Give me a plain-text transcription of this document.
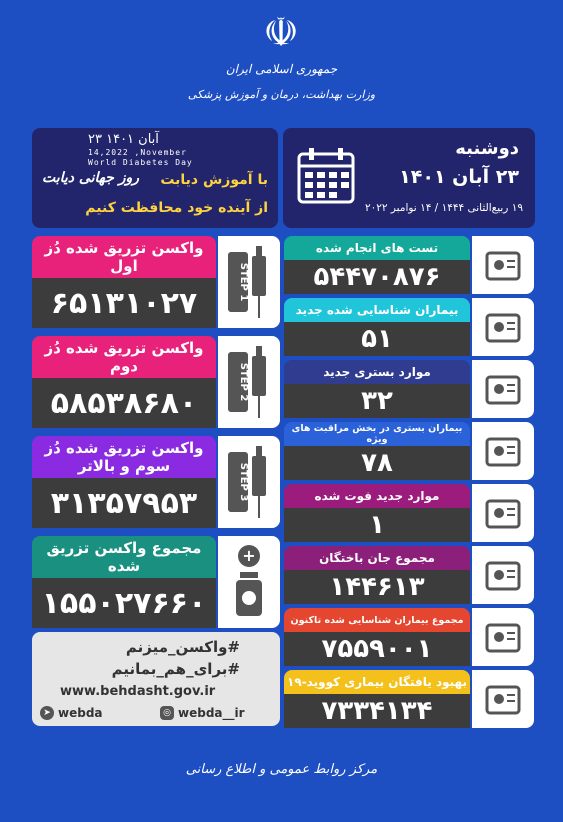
☫
جمهوری اسلامی ایران
وزارت بهداشت، درمان و آموزش پزشکی
دوشنبه
۲۳ آبان ۱۴۰۱
۱۹ ربیع‌الثانی ۱۴۴۴ / ۱۴ نوامبر ۲۰۲۲
۲۳ آبان ۱۴۰۱
14,2022 ,November
World Diabetes Day
روز جهانی دیابت با آموزش دیابت
از آینده خود محافظت کنیم
واکسن تزریق شده دُز اول
۶۵۱۳۱۰۲۷
STEP 1
واکسن تزریق شده دُز دوم
۵۸۵۳۸۶۸۰
STEP 2
واکسن تزریق شده دُز سوم و بالاتر
۳۱۳۵۷۹۵۳
STEP 3
مجموع واکسن تزریق شده
۱۵۵۰۲۷۶۶۰
+
تست های انجام شده
۵۴۴۷۰۸۷۶
بیماران شناسایی شده جدید
۵۱
موارد بستری جدید
۳۲
بیماران بستری در بخش مراقبت های ویژه
۷۸
موارد جدید فوت شده
۱
مجموع جان باختگان
۱۴۴۶۱۳
مجموع بیماران شناسایی شده تاکنون
۷۵۵۹۰۰۱
بهبود یافتگان بیماری کووید-۱۹
۷۳۳۴۱۳۴
#واکسن_میزنم
#برای_هم_بمانیم
www.behdasht.gov.ir
➤ webda	◎ webda__ir
مرکز روابط عمومی و اطلاع رسانی
